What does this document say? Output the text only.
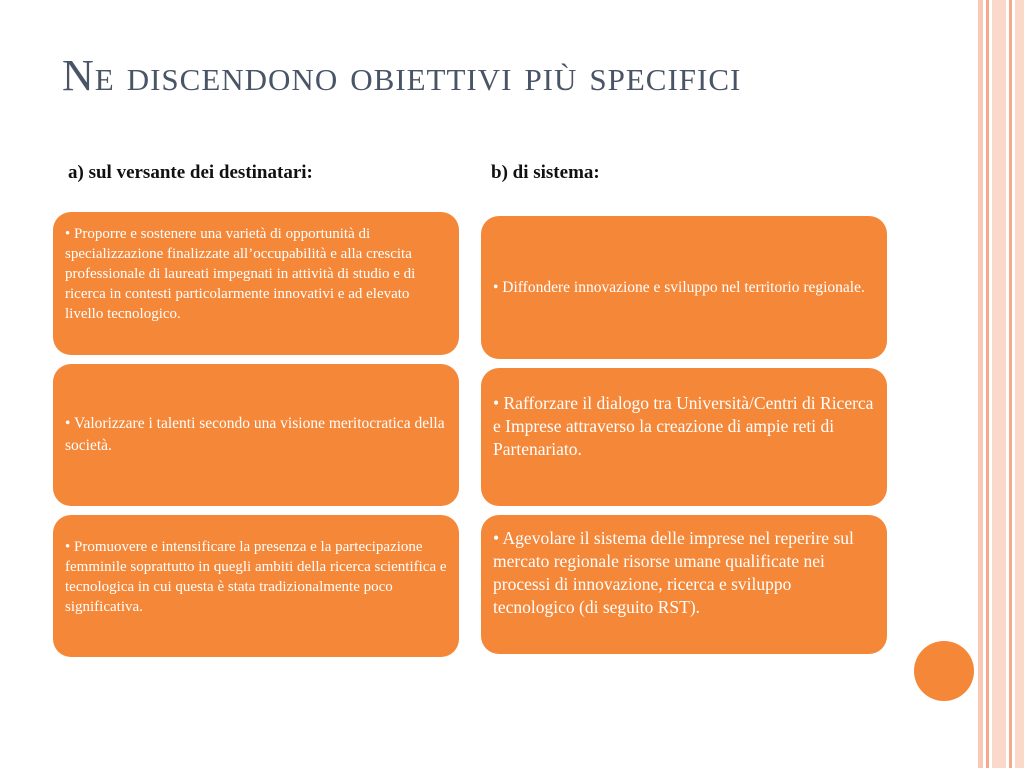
Ne discendono obiettivi più specifici
a) sul versante dei destinatari:	b) di sistema:
• Proporre e sostenere una varietà di opportunità di specializzazione finalizzate all’occupabilità e alla crescita professionale di laureati impegnati in attività di studio e di ricerca in contesti particolarmente innovativi e ad elevato livello tecnologico.
• Valorizzare i talenti secondo una visione meritocratica della società.
• Promuovere e intensificare la presenza e la partecipazione femminile soprattutto in quegli ambiti della ricerca scientifica e tecnologica in cui questa è stata tradizionalmente poco significativa.
• Diffondere innovazione e sviluppo nel territorio regionale.
• Rafforzare il dialogo tra Università/Centri di Ricerca e Imprese attraverso la creazione di ampie reti di Partenariato.
• Agevolare il sistema delle imprese nel reperire sul mercato regionale risorse umane qualificate nei processi di innovazione, ricerca e sviluppo tecnologico (di seguito RST).
